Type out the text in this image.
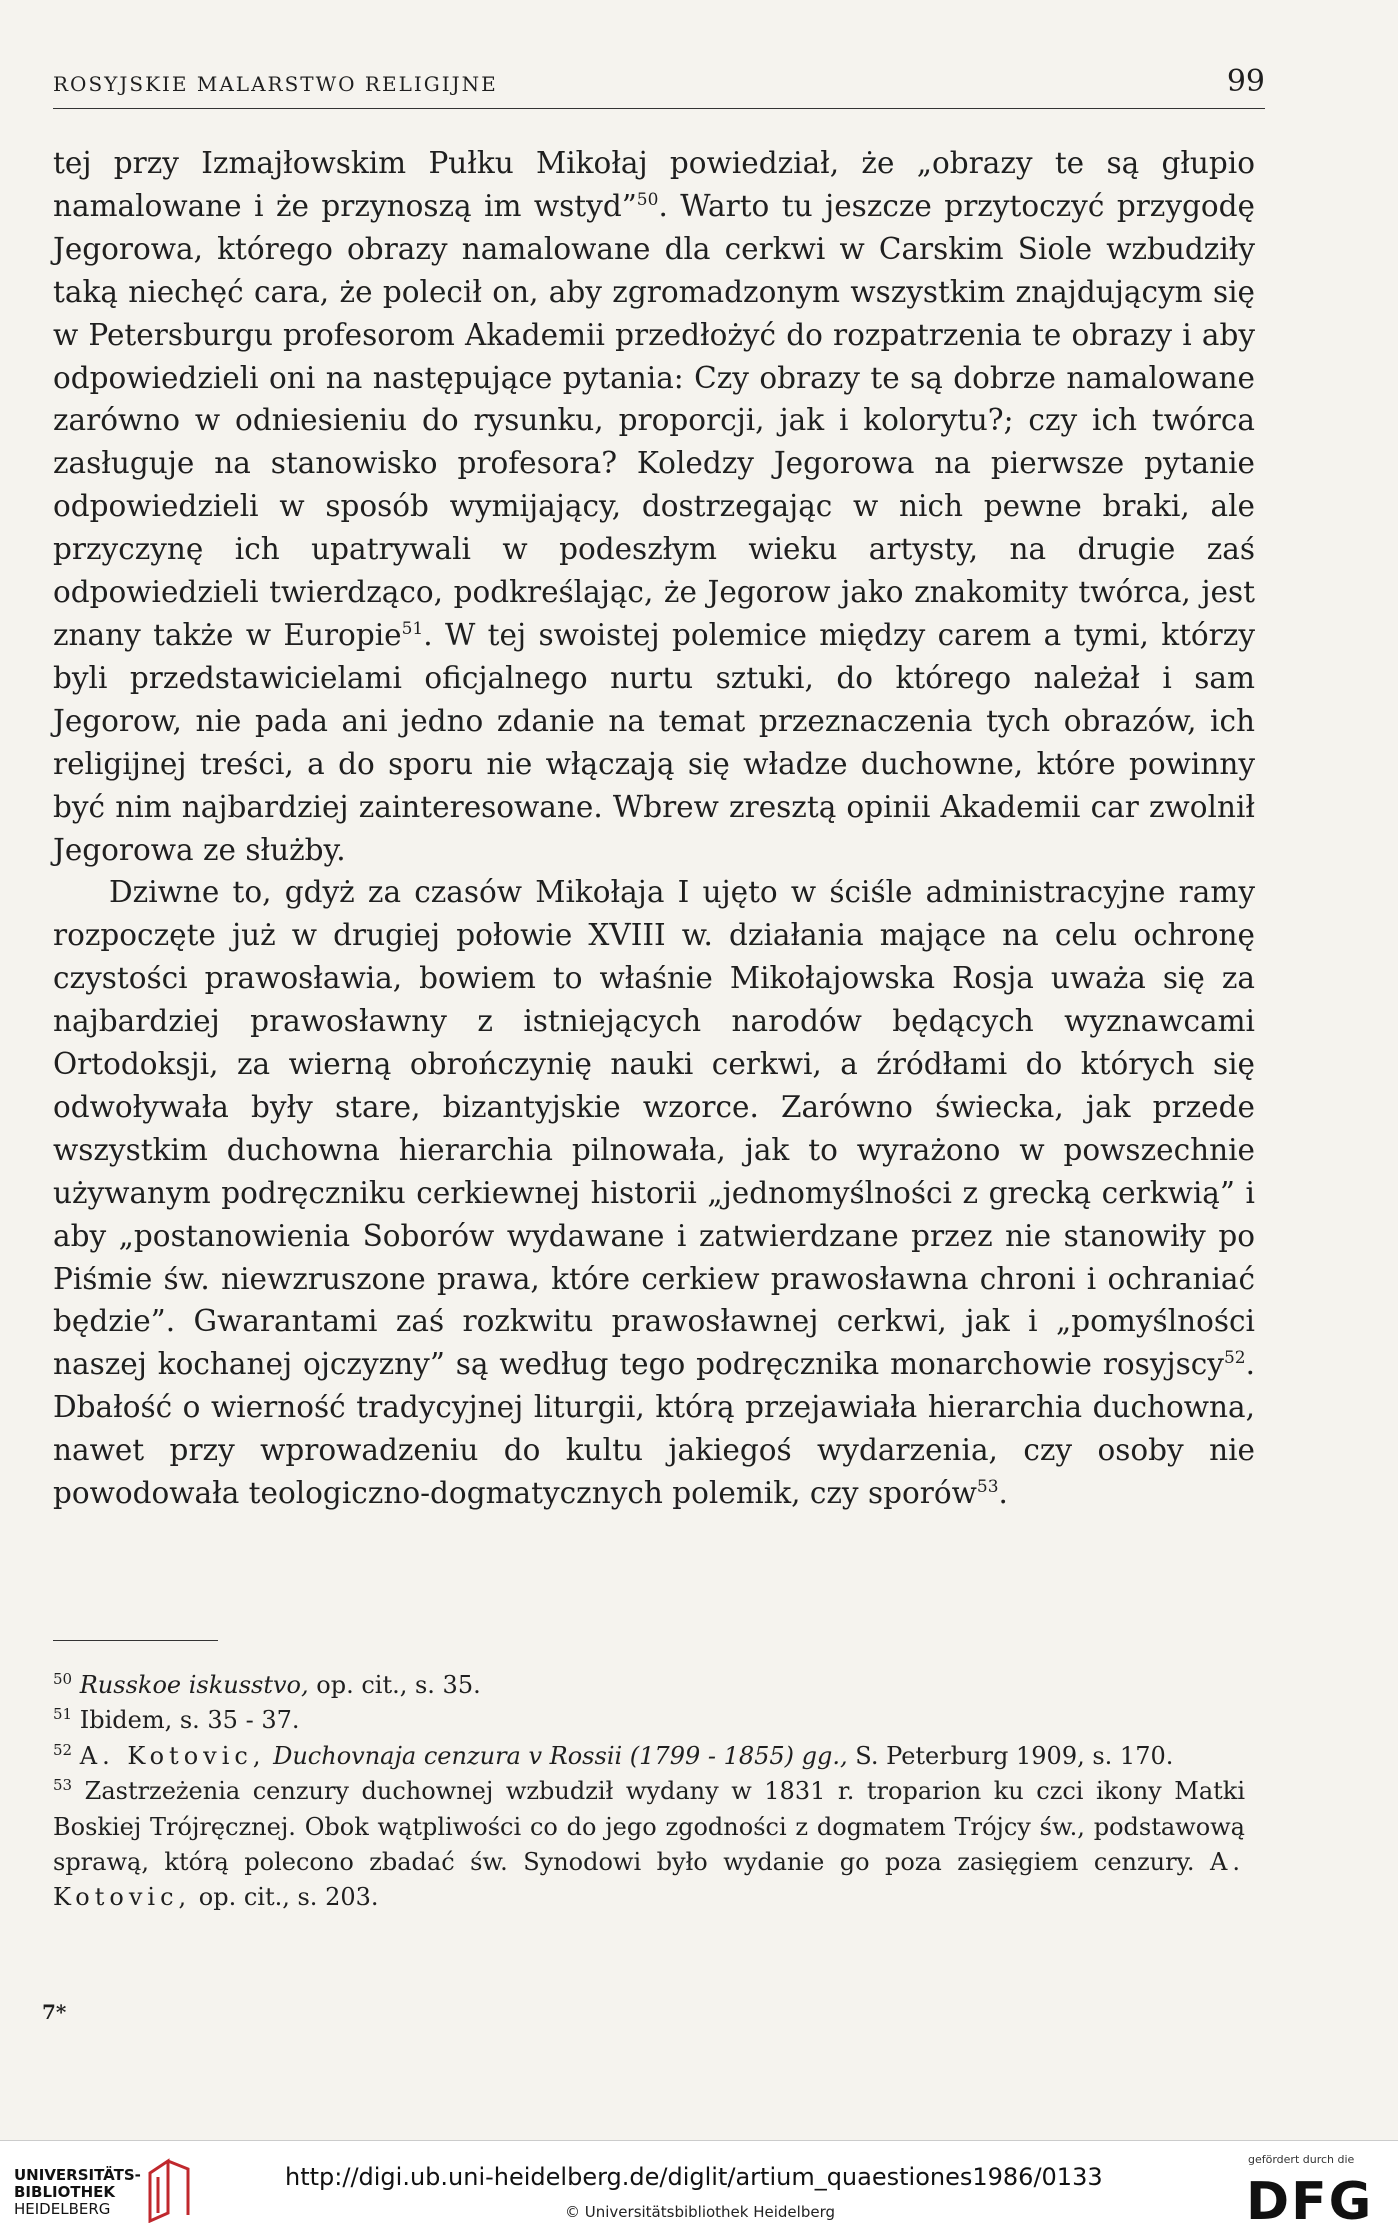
ROSYJSKIE MALARSTWO RELIGIJNE	99

tej przy Izmajłowskim Pułku Mikołaj powiedział, że „obrazy te są głupio namalowane i że przynoszą im wstyd”$^{50}$. Warto tu jeszcze przytoczyć przygodę Jegorowa, którego obrazy namalowane dla cerkwi w Carskim Siole wzbudziły taką niechęć cara, że polecił on, aby zgromadzonym wszystkim znajdującym się w Petersburgu profesorom Akademii przedłożyć do rozpatrzenia te obrazy i aby odpowiedzieli oni na następujące pytania: Czy obrazy te są dobrze namalowane zarówno w odniesieniu do rysunku, proporcji, jak i kolorytu?; czy ich twórca zasługuje na stanowisko profesora? Koledzy Jegorowa na pierwsze pytanie odpowiedzieli w sposób wymijający, dostrzegając w nich pewne braki, ale przyczynę ich upatrywali w podeszłym wieku artysty, na drugie zaś odpowiedzieli twierdząco, podkreślając, że Jegorow jako znakomity twórca, jest znany także w Europie$^{51}$. W tej swoistej polemice między carem a tymi, którzy byli przedstawicielami oficjalnego nurtu sztuki, do którego należał i sam Jegorow, nie pada ani jedno zdanie na temat przeznaczenia tych obrazów, ich religijnej treści, a do sporu nie włączają się władze duchowne, które powinny być nim najbardziej zainteresowane. Wbrew zresztą opinii Akademii car zwolnił Jegorowa ze służby.

Dziwne to, gdyż za czasów Mikołaja I ujęto w ściśle administracyjne ramy rozpoczęte już w drugiej połowie XVIII w. działania mające na celu ochronę czystości prawosławia, bowiem to właśnie Mikołajowska Rosja uważa się za najbardziej prawosławny z istniejących narodów będących wyznawcami Ortodoksji, za wierną obrończynię nauki cerkwi, a źródłami do których się odwoływała były stare, bizantyjskie wzorce. Zarówno świecka, jak przede wszystkim duchowna hierarchia pilnowała, jak to wyrażono w powszechnie używanym podręczniku cerkiewnej historii „jednomyślności z grecką cerkwią” i aby „postanowienia Soborów wydawane i zatwierdzane przez nie stanowiły po Piśmie św. niewzruszone prawa, które cerkiew prawosławna chroni i ochraniać będzie”. Gwarantami zaś rozkwitu prawosławnej cerkwi, jak i „pomyślności naszej kochanej ojczyzny” są według tego podręcznika monarchowie rosyjscy$^{52}$. Dbałość o wierność tradycyjnej liturgii, którą przejawiała hierarchia duchowna, nawet przy wprowadzeniu do kultu jakiegoś wydarzenia, czy osoby nie powodowała teologiczno-dogmatycznych polemik, czy sporów$^{53}$.

$^{50}$ Russkoe iskusstvo, op. cit., s. 35.

$^{51}$ Ibidem, s. 35 - 37.

$^{52}$ A. Kotovic, Duchovnaja cenzura v Rossii (1799 - 1855) gg., S. Peterburg 1909, s. 170.

$^{53}$ Zastrzeżenia cenzury duchownej wzbudził wydany w 1831 r. troparion ku czci ikony Matki Boskiej Trójręcznej. Obok wątpliwości co do jego zgodności z dogmatem Trójcy św., podstawową sprawą, którą polecono zbadać św. Synodowi było wydanie go poza zasięgiem cenzury. A. Kotovic, op. cit., s. 203.

7*
UNIVERSITÄTS-
BIBLIOTHEK
HEIDELBERG
http://digi.ub.uni-heidelberg.de/diglit/artium_quaestiones1986/0133
© Universitätsbibliothek Heidelberg
gefördert durch die
DFG
